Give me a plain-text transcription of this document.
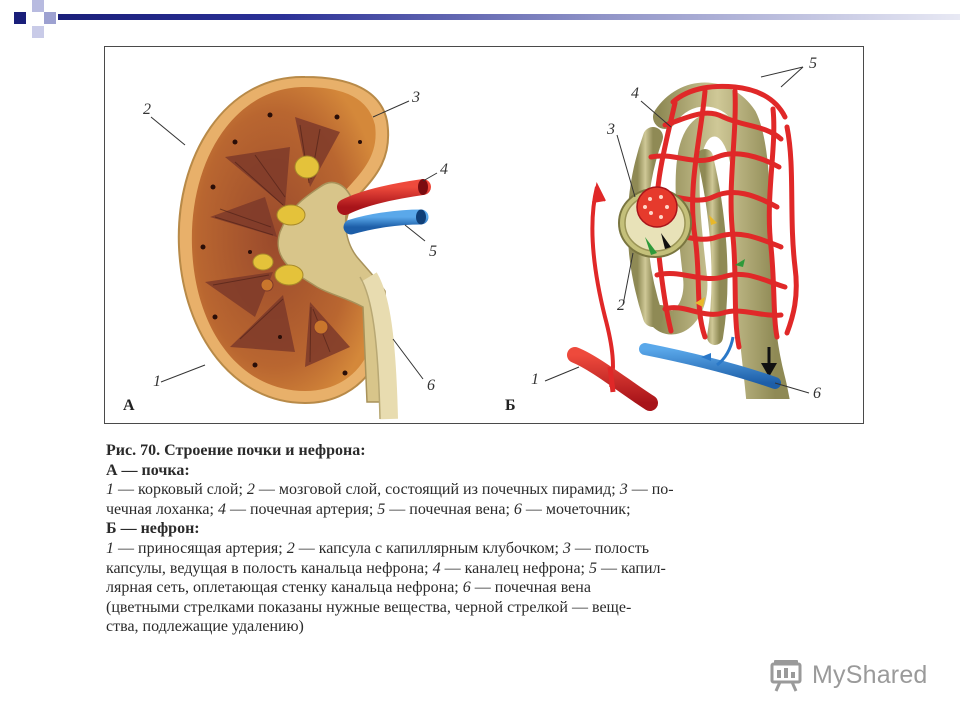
1
2
3
4
5
6
А
1
2
3
4
5
6
Б
Рис. 70. Строение почки и нефрона:
А — почка:
1 — корковый слой; 2 — мозговой слой, состоящий из почечных пирамид; 3 — по-
чечная лоханка; 4 — почечная артерия; 5 — почечная вена; 6 — мочеточник;
Б — нефрон:
1 — приносящая артерия; 2 — капсула с капиллярным клубочком; 3 — полость
капсулы, ведущая в полость канальца нефрона; 4 — каналец нефрона; 5 — капил-
лярная сеть, оплетающая стенку канальца нефрона; 6 — почечная вена
(цветными стрелками показаны нужные вещества, черной стрелкой — веще-
ства, подлежащие удалению)
MyShared
